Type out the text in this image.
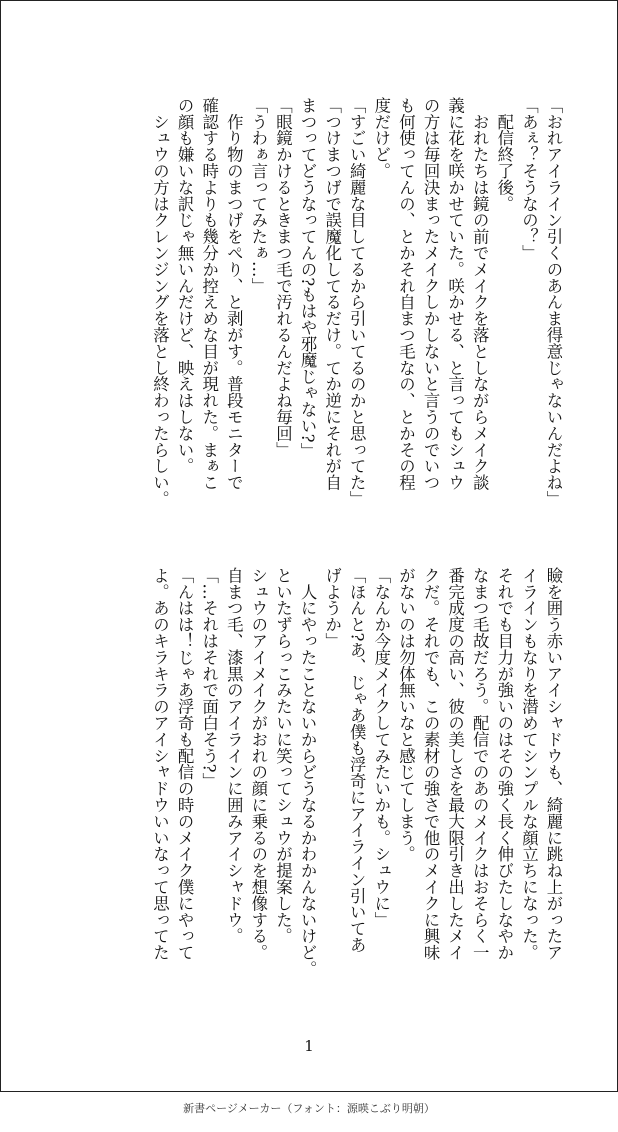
「おれアイライン引くのあんま得意じゃないんだよね」

「あぇ？そうなの？」

　配信終了後。

　おれたちは鏡の前でメイクを落としながらメイク談

義に花を咲かせていた。咲かせる、と言ってもシュウ

の方は毎回決まったメイクしかしないと言うのでいつ

も何使ってんの、とかそれ自まつ毛なの、とかその程

度だけど。

「すごい綺麗な目してるから引いてるのかと思ってた」

「つけまつげで誤魔化してるだけ。てか逆にそれが自

まつってどうなってんの?もはや邪魔じゃない?」

「眼鏡かけるときまつ毛で汚れるんだよね毎回」

「うわぁ言ってみたぁ…」

　作り物のまつげをぺり、と剥がす。普段モニターで

確認する時よりも幾分か控えめな目が現れた。まぁこ

の顔も嫌いな訳じゃ無いんだけど、映えはしない。

　シュウの方はクレンジングを落とし終わったらしい。

瞼を囲う赤いアイシャドウも、綺麗に跳ね上がったア

イラインもなりを潜めてシンプルな顔立ちになった。

それでも目力が強いのはその強く長く伸びたしなやか

なまつ毛故だろう。配信でのあのメイクはおそらく一

番完成度の高い、彼の美しさを最大限引き出したメイ

クだ。それでも、この素材の強さで他のメイクに興味

がないのは勿体無いなと感じてしまう。

「なんか今度メイクしてみたいかも。シュウに」

「ほんと?あ、じゃあ僕も浮奇にアイライン引いてあ

げようか」

　人にやったことないからどうなるかわかんないけど。

といたずらっこみたいに笑ってシュウが提案した。

シュウのアイメイクがおれの顔に乗るのを想像する。

自まつ毛、漆黒のアイラインに囲みアイシャドウ。

「…それはそれで面白そう?」

「んはは！じゃあ浮奇も配信の時のメイク僕にやって

よ。あのキラキラのアイシャドウいいなって思ってた

1
新書ページメーカー（フォント：源暎こぶり明朝）
